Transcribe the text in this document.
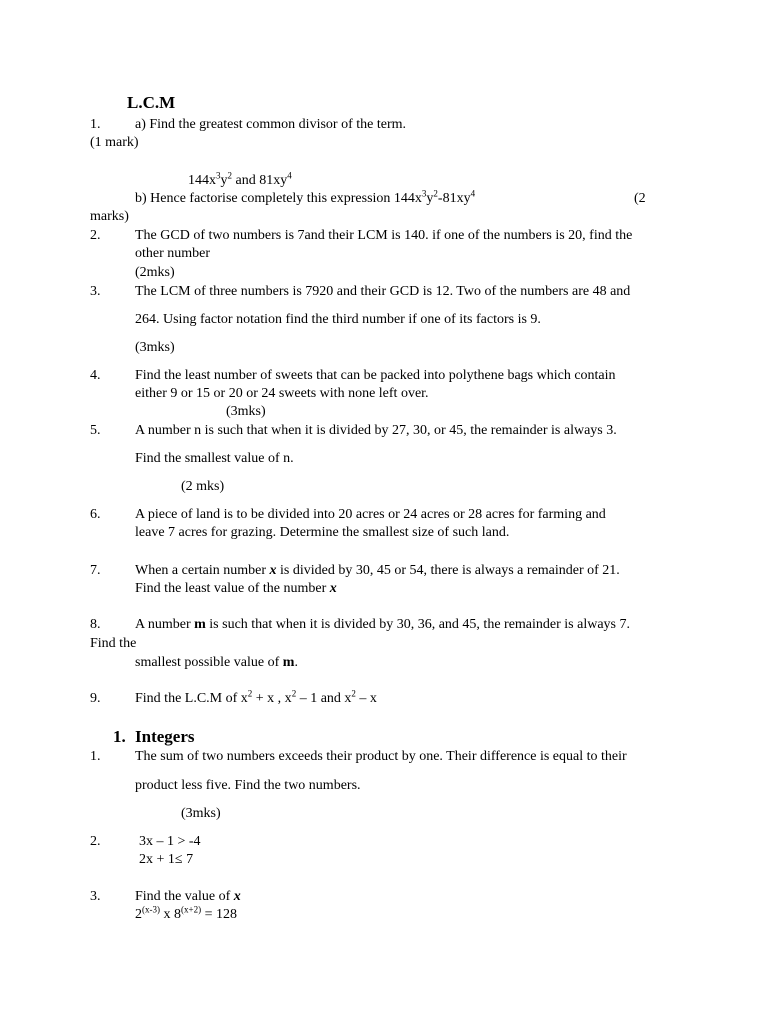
L.C.M
1. a) Find the greatest common divisor of the term.
(1 mark)
$144x^3y^2$ and $81xy^4$
b) Hence factorise completely this expression $144x^3y^2-81xy^4$	(2
marks)
2. The GCD of two numbers is 7and their LCM is 140. if one of the numbers is 20, find the
other number
(2mks)
3. The LCM of three numbers is 7920 and their GCD is 12. Two of the numbers are 48 and
264. Using factor notation find the third number if one of its factors is 9.
(3mks)
4. Find the least number of sweets that can be packed into polythene bags which contain
either 9 or 15 or 20 or 24 sweets with none left over.
(3mks)
5. A number n is such that when it is divided by 27, 30, or 45, the remainder is always 3.
Find the smallest value of n.
(2 mks)
6. A piece of land is to be divided into 20 acres or 24 acres or 28 acres for farming and
leave 7 acres for grazing. Determine the smallest size of such land.
7. When a certain number x is divided by 30, 45 or 54, there is always a remainder of 21.
Find the least value of the number x
8. A number m is such that when it is divided by 30, 36, and 45, the remainder is always 7.
Find the
smallest possible value of m.
9. Find the L.C.M of $x^2 + x$ , $x^2 - 1$ and $x^2$ – x
1. Integers
1. The sum of two numbers exceeds their product by one. Their difference is equal to their
product less five. Find the two numbers.
(3mks)
2.	3x – 1 > -4
2x + 1≤ 7
3. Find the value of x
2$^{(x-3)}$ x $8^{(x+2)} = 128$
